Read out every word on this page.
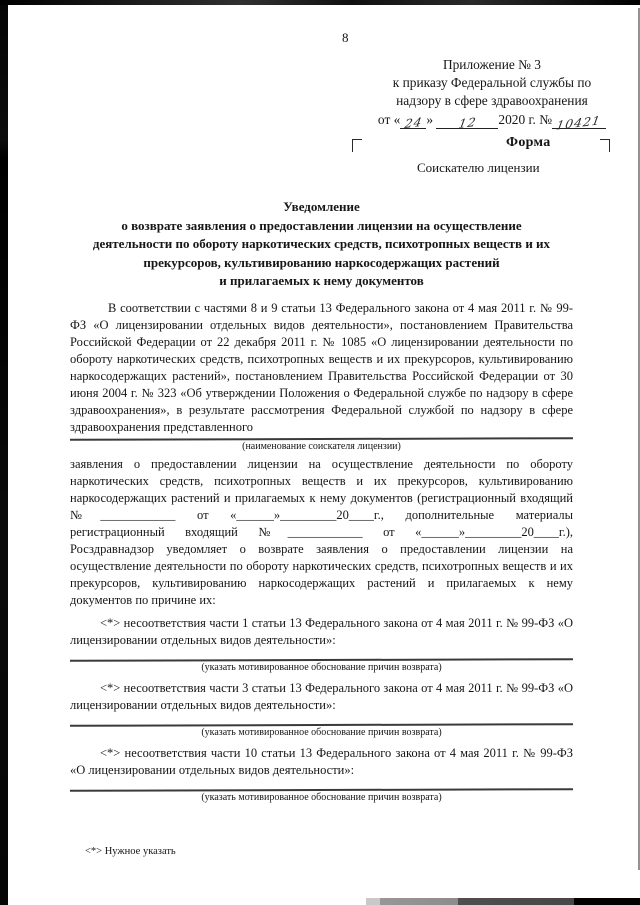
8
Приложение № 3
к приказу Федеральной службы по
надзору в сфере здравоохранения
от « 24 » 12 2020 г. № 10421
Форма
Соискателю лицензии
Уведомление
о возврате заявления о предоставлении лицензии на осуществление
деятельности по обороту наркотических средств, психотропных веществ и их
прекурсоров, культивированию наркосодержащих растений
и прилагаемых к нему документов
В соответствии с частями 8 и 9 статьи 13 Федерального закона от 4 мая 2011 г. № 99-ФЗ «О лицензировании отдельных видов деятельности», постановлением Правительства Российской Федерации от 22 декабря 2011 г. № 1085 «О лицензировании деятельности по обороту наркотических средств, психотропных веществ и их прекурсоров, культивированию наркосодержащих растений», постановлением Правительства Российской Федерации от 30 июня 2004 г. № 323 «Об утверждении Положения о Федеральной службе по надзору в сфере здравоохранения», в результате рассмотрения Федеральной службой по надзору в сфере здравоохранения представленного
(наименование соискателя лицензии)
заявления о предоставлении лицензии на осуществление деятельности по обороту наркотических средств, психотропных веществ и их прекурсоров, культивированию наркосодержащих растений и прилагаемых к нему документов (регистрационный входящий №____________ от «______»_________20____г., дополнительные материалы регистрационный входящий №____________ от «______»_________20____г.), Росздравнадзор уведомляет о возврате заявления о предоставлении лицензии на осуществление деятельности по обороту наркотических средств, психотропных веществ и их прекурсоров, культивированию наркосодержащих растений и прилагаемых к нему документов по причине их:
<*> несоответствия части 1 статьи 13 Федерального закона от 4 мая 2011 г. № 99-ФЗ «О лицензировании отдельных видов деятельности»:
(указать мотивированное обоснование причин возврата)
<*> несоответствия части 3 статьи 13 Федерального закона от 4 мая 2011 г. № 99-ФЗ «О лицензировании отдельных видов деятельности»:
(указать мотивированное обоснование причин возврата)
<*> несоответствия части 10 статьи 13 Федерального закона от 4 мая 2011 г. № 99-ФЗ «О лицензировании отдельных видов деятельности»:
(указать мотивированное обоснование причин возврата)
<*> Нужное указать
